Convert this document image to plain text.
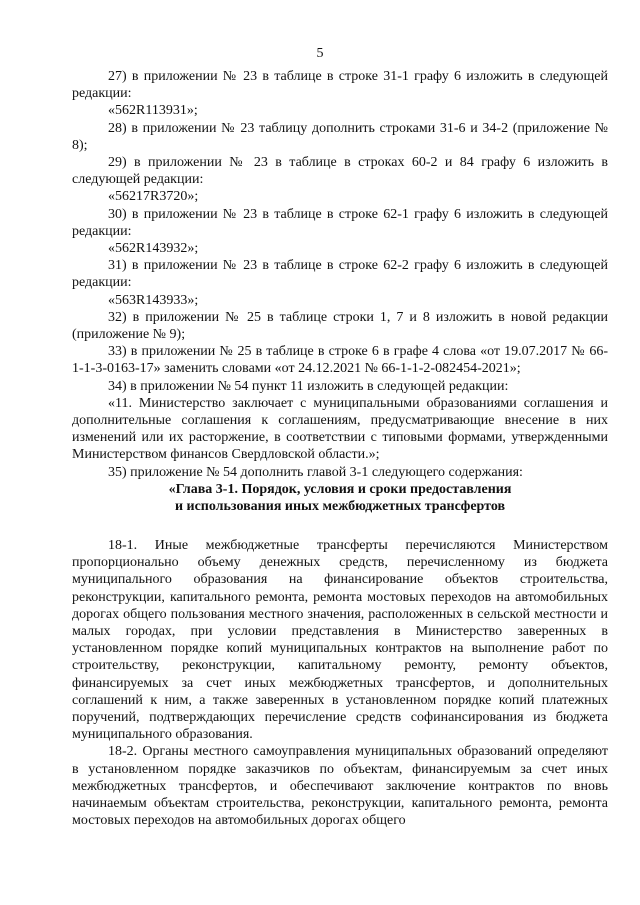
5

27) в приложении № 23 в таблице в строке 31-1 графу 6 изложить в следующей редакции:

«562R113931»;

28) в приложении № 23 таблицу дополнить строками 31-6 и 34-2 (приложение № 8);

29) в приложении № 23 в таблице в строках 60-2 и 84 графу 6 изложить в следующей редакции:

«56217R3720»;

30) в приложении № 23 в таблице в строке 62-1 графу 6 изложить в следующей редакции:

«562R143932»;

31) в приложении № 23 в таблице в строке 62-2 графу 6 изложить в следующей редакции:

«563R143933»;

32) в приложении № 25 в таблице строки 1, 7 и 8 изложить в новой редакции (приложение № 9);

33) в приложении № 25 в таблице в строке 6 в графе 4 слова «от 19.07.2017 № 66-1-1-3-0163-17» заменить словами «от 24.12.2021 № 66-1-1-2-082454-2021»;

34) в приложении № 54 пункт 11 изложить в следующей редакции:

«11. Министерство заключает с муниципальными образованиями соглашения и дополнительные соглашения к соглашениям, предусматривающие внесение в них изменений или их расторжение, в соответствии с типовыми формами, утвержденными Министерством финансов Свердловской области.»;

35) приложение № 54 дополнить главой 3-1 следующего содержания:

«Глава 3-1. Порядок, условия и сроки предоставления

и использования иных межбюджетных трансфертов

18-1. Иные межбюджетные трансферты перечисляются Министерством пропорционально объему денежных средств, перечисленному из бюджета муниципального образования на финансирование объектов строительства, реконструкции, капитального ремонта, ремонта мостовых переходов на автомобильных дорогах общего пользования местного значения, расположенных в сельской местности и малых городах, при условии представления в Министерство заверенных в установленном порядке копий муниципальных контрактов на выполнение работ по строительству, реконструкции, капитальному ремонту, ремонту объектов, финансируемых за счет иных межбюджетных трансфертов, и дополнительных соглашений к ним, а также заверенных в установленном порядке копий платежных поручений, подтверждающих перечисление средств софинансирования из бюджета муниципального образования.

18-2. Органы местного самоуправления муниципальных образований определяют в установленном порядке заказчиков по объектам, финансируемым за счет иных межбюджетных трансфертов, и обеспечивают заключение контрактов по вновь начинаемым объектам строительства, реконструкции, капитального ремонта, ремонта мостовых переходов на автомобильных дорогах общего
